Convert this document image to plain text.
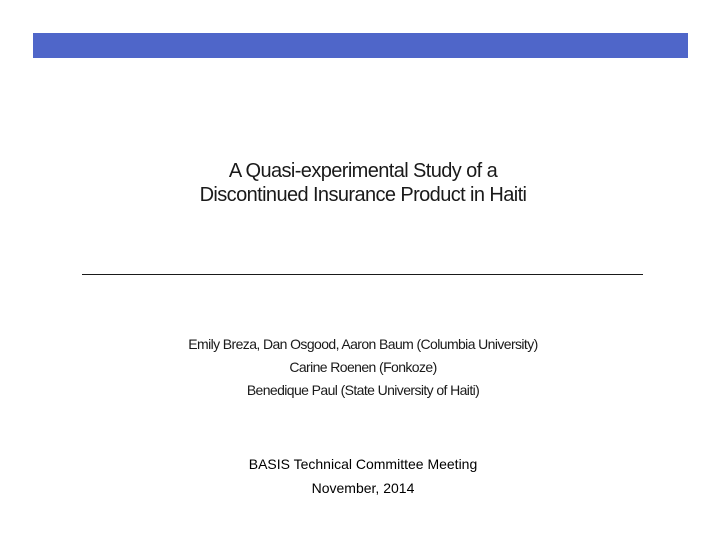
A Quasi-experimental Study of a
Discontinued Insurance Product in Haiti
Emily Breza, Dan Osgood, Aaron Baum (Columbia University)
Carine Roenen (Fonkoze)
Benedique Paul (State University of Haiti)
BASIS Technical Committee Meeting
November, 2014
